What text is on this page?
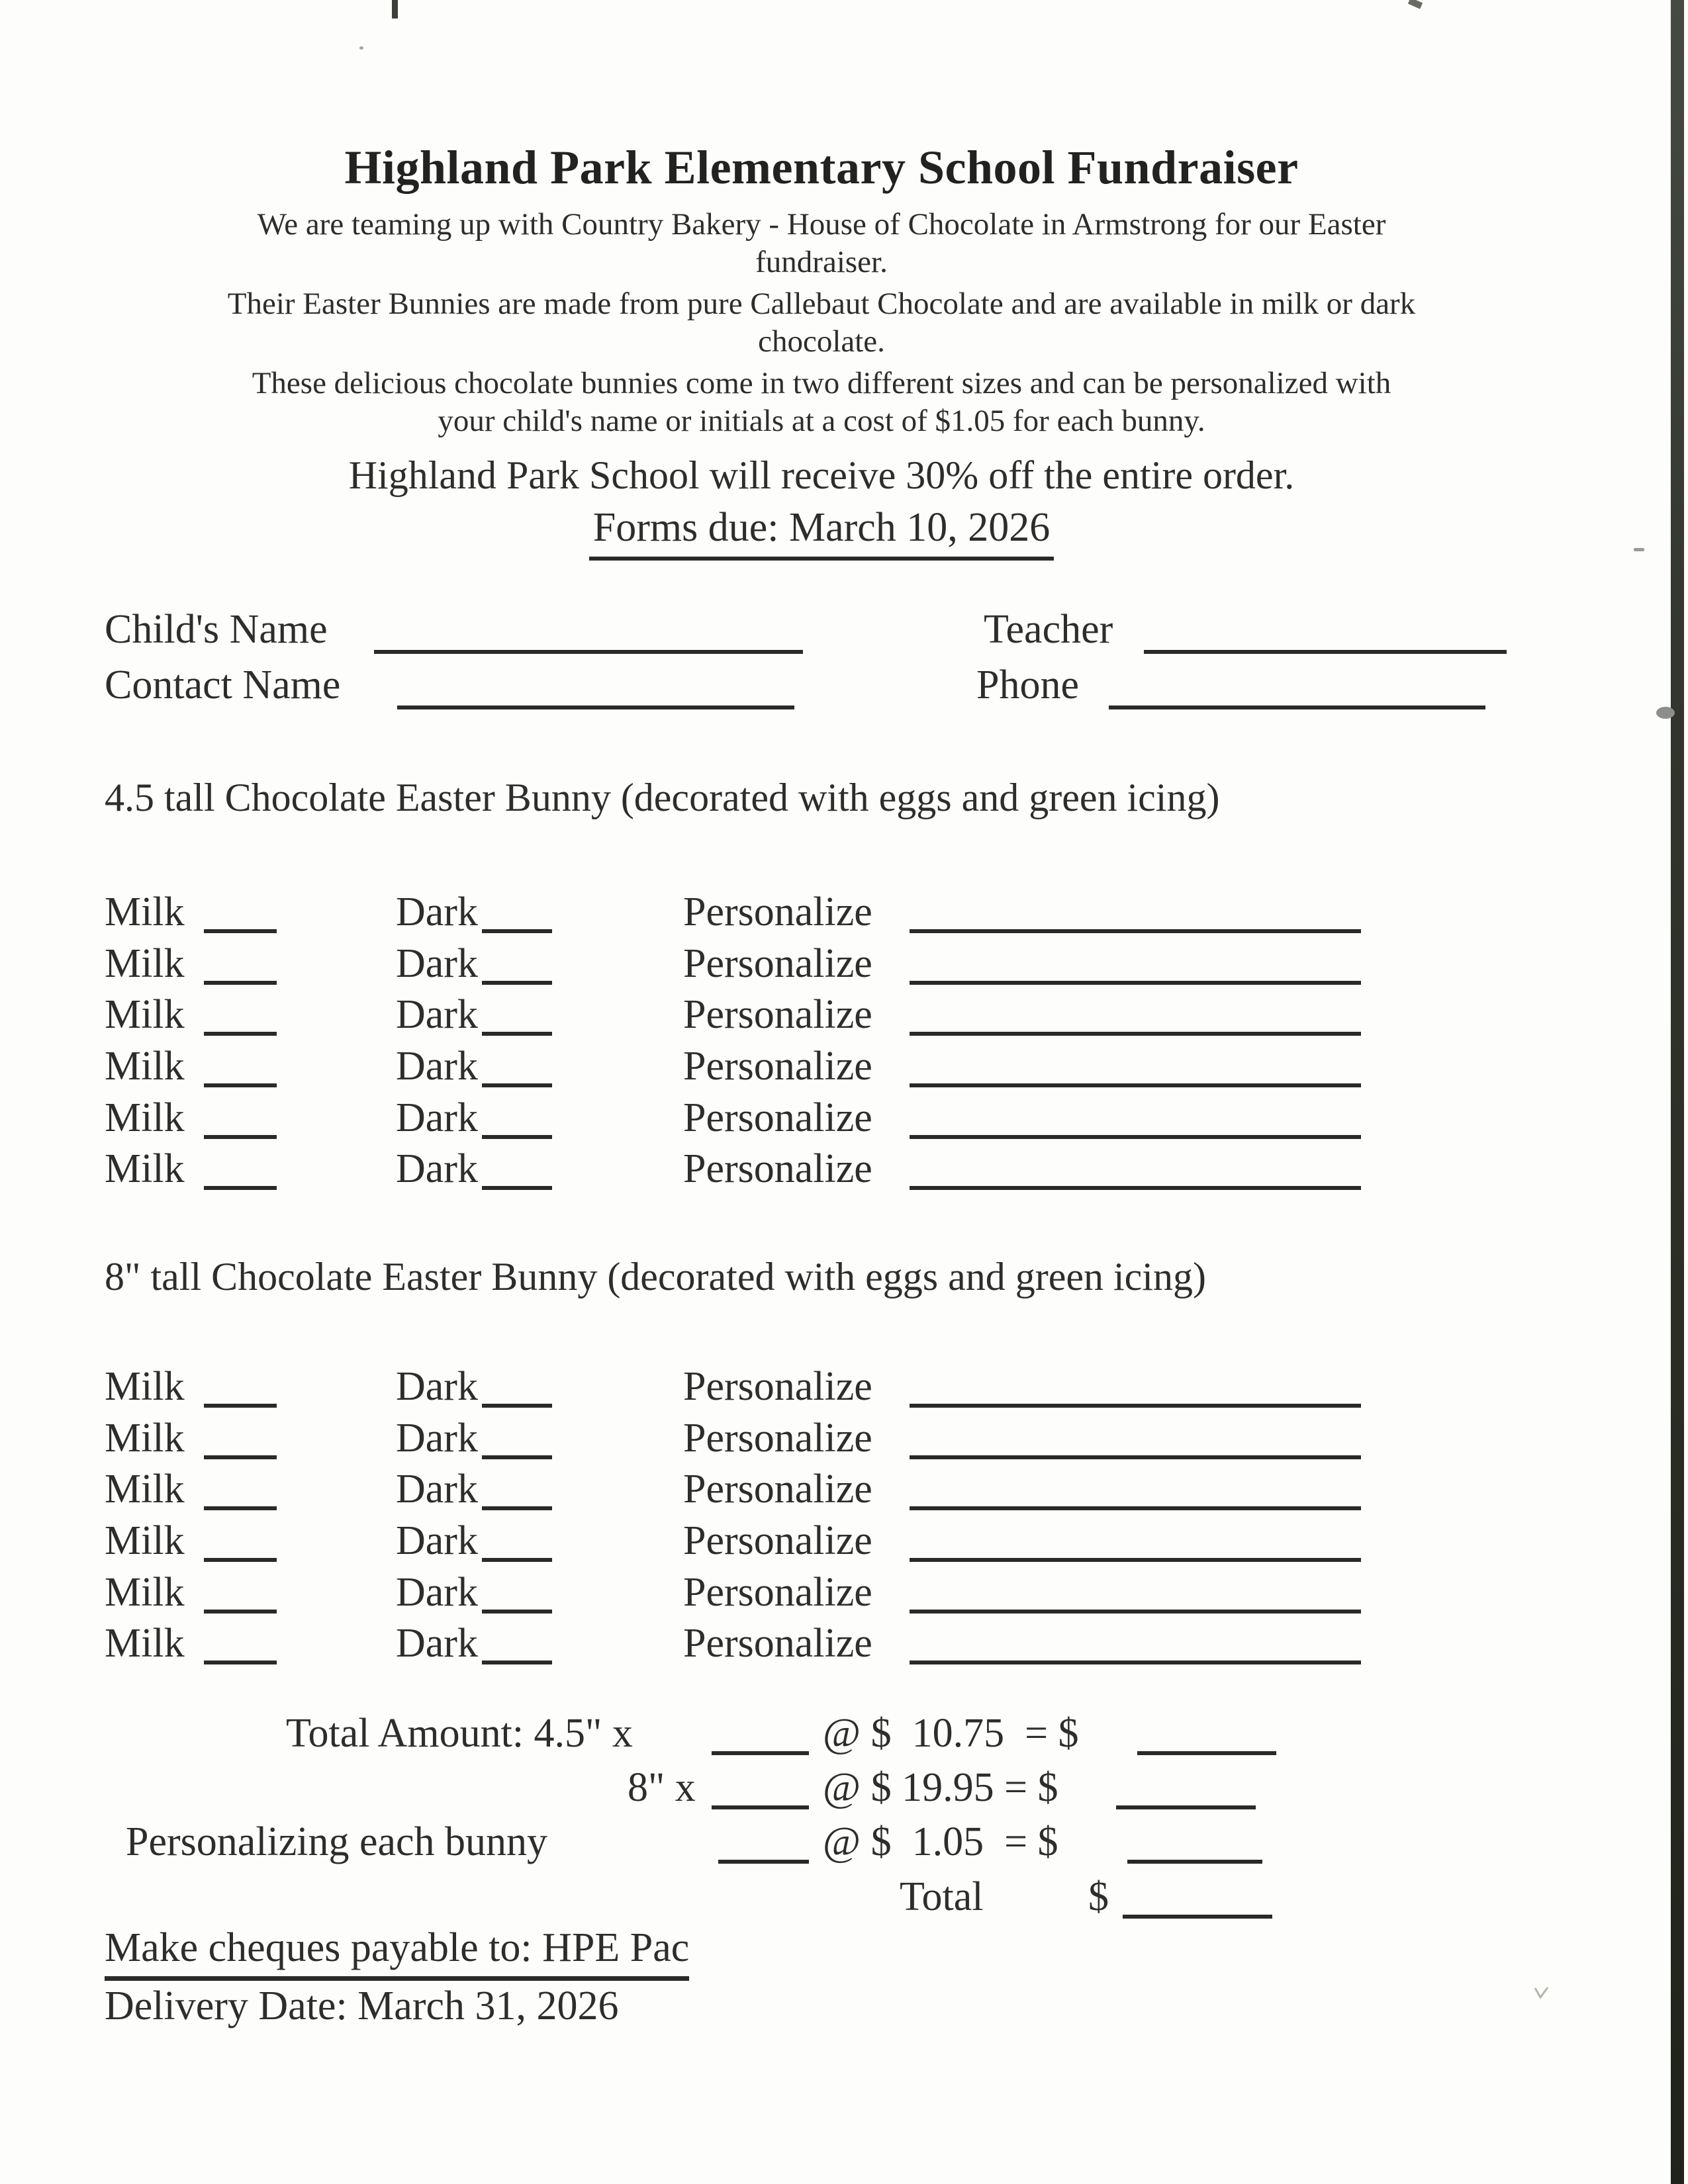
Highland Park Elementary School Fundraiser
We are teaming up with Country Bakery - House of Chocolate in Armstrong for our Easter
fundraiser.
Their Easter Bunnies are made from pure Callebaut Chocolate and are available in milk or dark
chocolate.
These delicious chocolate bunnies come in two different sizes and can be personalized with
your child's name or initials at a cost of $1.05 for each bunny.
Highland Park School will receive 30% off the entire order.
Forms due: March 10, 2026
Child's Name	Teacher
Contact Name	Phone
4.5 tall Chocolate Easter Bunny (decorated with eggs and green icing)
Milk	Dark	Personalize
Milk	Dark	Personalize
Milk	Dark	Personalize
Milk	Dark	Personalize
Milk	Dark	Personalize
Milk	Dark	Personalize
8" tall Chocolate Easter Bunny (decorated with eggs and green icing)
Milk	Dark	Personalize
Milk	Dark	Personalize
Milk	Dark	Personalize
Milk	Dark	Personalize
Milk	Dark	Personalize
Milk	Dark	Personalize
Total Amount: 4.5" x	@ $  10.75  = $
8" x	@ $ 19.95 = $
Personalizing each bunny	@ $  1.05  = $
Total	$
Make cheques payable to: HPE Pac
Delivery Date: March 31, 2026
